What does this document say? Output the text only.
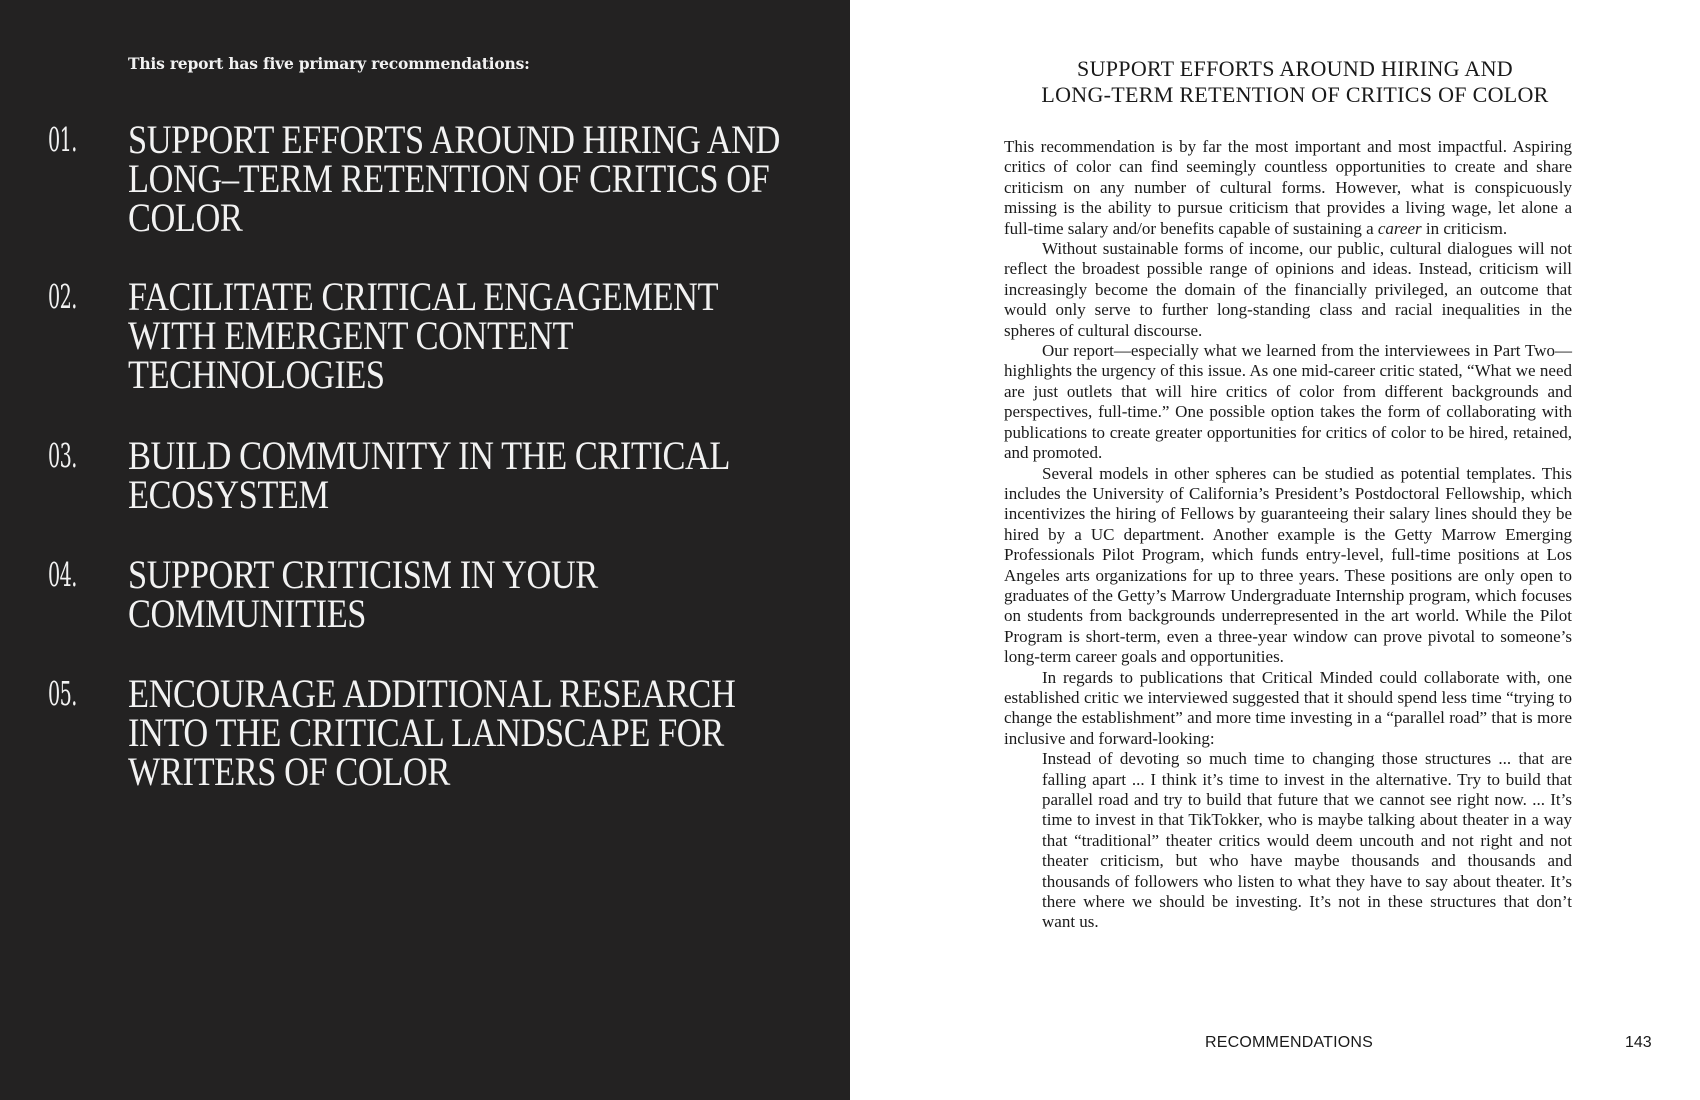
This report has five primary recommendations:

01. SUPPORT EFFORTS AROUND HIRING AND LONG–TERM RETENTION OF CRITICS OF COLOR

02. FACILITATE CRITICAL ENGAGEMENT WITH EMERGENT CONTENT TECHNOLOGIES

03. BUILD COMMUNITY IN THE CRITICAL ECOSYSTEM

04. SUPPORT CRITICISM IN YOUR COMMUNITIES

05. ENCOURAGE ADDITIONAL RESEARCH INTO THE CRITICAL LANDSCAPE FOR WRITERS OF COLOR

SUPPORT EFFORTS AROUND HIRING AND
LONG-TERM RETENTION OF CRITICS OF COLOR

This recommendation is by far the most important and most impactful. Aspiring critics of color can find seemingly countless opportunities to create and share criticism on any number of cultural forms. However, what is conspicuously missing is the ability to pursue criticism that provides a living wage, let alone a full-time salary and/or benefits capable of sustaining a career in criticism.

Without sustainable forms of income, our public, cultural dialogues will not reflect the broadest possible range of opinions and ideas. Instead, criticism will increasingly become the domain of the financially privileged, an outcome that would only serve to further long-standing class and racial inequalities in the spheres of cultural discourse.

Our report—especially what we learned from the interviewees in Part Two—highlights the urgency of this issue. As one mid-career critic stated, “What we need are just outlets that will hire critics of color from different backgrounds and perspectives, full-time.” One possible option takes the form of collaborating with publications to create greater opportunities for critics of color to be hired, retained, and promoted.

Several models in other spheres can be studied as potential templates. This includes the University of California’s President’s Postdoctoral Fellowship, which incentivizes the hiring of Fellows by guaranteeing their salary lines should they be hired by a UC department. Another example is the Getty Marrow Emerging Professionals Pilot Program, which funds entry-level, full-time positions at Los Angeles arts organizations for up to three years. These positions are only open to graduates of the Getty’s Marrow Undergraduate Internship program, which focuses on students from backgrounds underrepresented in the art world. While the Pilot Program is short-term, even a three-year window can prove pivotal to someone’s long-term career goals and opportunities.

In regards to publications that Critical Minded could collaborate with, one established critic we interviewed suggested that it should spend less time “trying to change the establishment” and more time investing in a “parallel road” that is more inclusive and forward-looking:

Instead of devoting so much time to changing those structures ... that are falling apart ... I think it’s time to invest in the alternative. Try to build that parallel road and try to build that future that we cannot see right now. ... It’s time to invest in that TikTokker, who is maybe talking about theater in a way that “traditional” theater critics would deem uncouth and not right and not theater criticism, but who have maybe thousands and thousands and thousands of followers who listen to what they have to say about theater. It’s there where we should be investing. It’s not in these structures that don’t want us.
RECOMMENDATIONS	143
